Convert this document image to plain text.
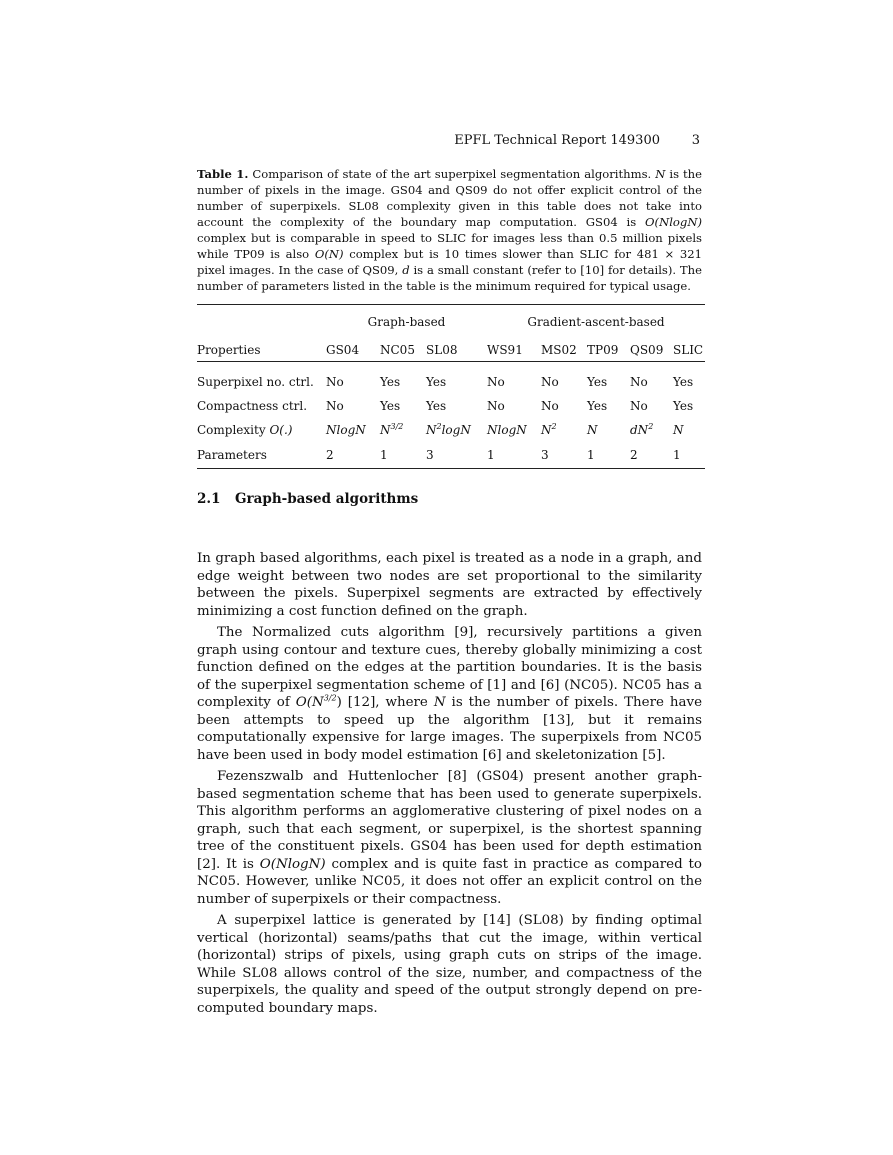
EPFL Technical Report 149300 3
Table 1. Comparison of state of the art superpixel segmentation algorithms. N is the number of pixels in the image. GS04 and QS09 do not offer explicit control of the number of superpixels. SL08 complexity given in this table does not take into account the complexity of the boundary map computation. GS04 is O(NlogN) complex but is comparable in speed to SLIC for images less than 0.5 million pixels while TP09 is also O(N) complex but is 10 times slower than SLIC for 481 × 321 pixel images. In the case of QS09, d is a small constant (refer to [10] for details). The number of parameters listed in the table is the minimum required for typical usage.
	Graph-based			Gradient-ascent-based				
Properties	GS04	NC05	SL08	WS91	MS02	TP09	QS09	SLIC
Superpixel no. ctrl.	No	Yes	Yes	No	No	Yes	No	Yes
Compactness ctrl.	No	Yes	Yes	No	No	Yes	No	Yes
Complexity O(.)	NlogN	$N^{3/2}$	$N^2\log N$	NlogN	$N^2$	N	$dN^2$	N
Parameters	2	1	3	1	3	1	2	1
2.1 Graph-based algorithms

In graph based algorithms, each pixel is treated as a node in a graph, and edge weight between two nodes are set proportional to the similarity between the pixels. Superpixel segments are extracted by effectively minimizing a cost function defined on the graph.

The Normalized cuts algorithm [9], recursively partitions a given graph using contour and texture cues, thereby globally minimizing a cost function defined on the edges at the partition boundaries. It is the basis of the superpixel segmentation scheme of [1] and [6] (NC05). NC05 has a complexity of $O(N^{3/2})$ [12], where N is the number of pixels. There have been attempts to speed up the algorithm [13], but it remains computationally expensive for large images. The superpixels from NC05 have been used in body model estimation [6] and skeletonization [5].

Fezenszwalb and Huttenlocher [8] (GS04) present another graph-based segmentation scheme that has been used to generate superpixels. This algorithm performs an agglomerative clustering of pixel nodes on a graph, such that each segment, or superpixel, is the shortest spanning tree of the constituent pixels. GS04 has been used for depth estimation [2]. It is O(NlogN) complex and is quite fast in practice as compared to NC05. However, unlike NC05, it does not offer an explicit control on the number of superpixels or their compactness.

A superpixel lattice is generated by [14] (SL08) by finding optimal vertical (horizontal) seams/paths that cut the image, within vertical (horizontal) strips of pixels, using graph cuts on strips of the image. While SL08 allows control of the size, number, and compactness of the superpixels, the quality and speed of the output strongly depend on pre-computed boundary maps.
